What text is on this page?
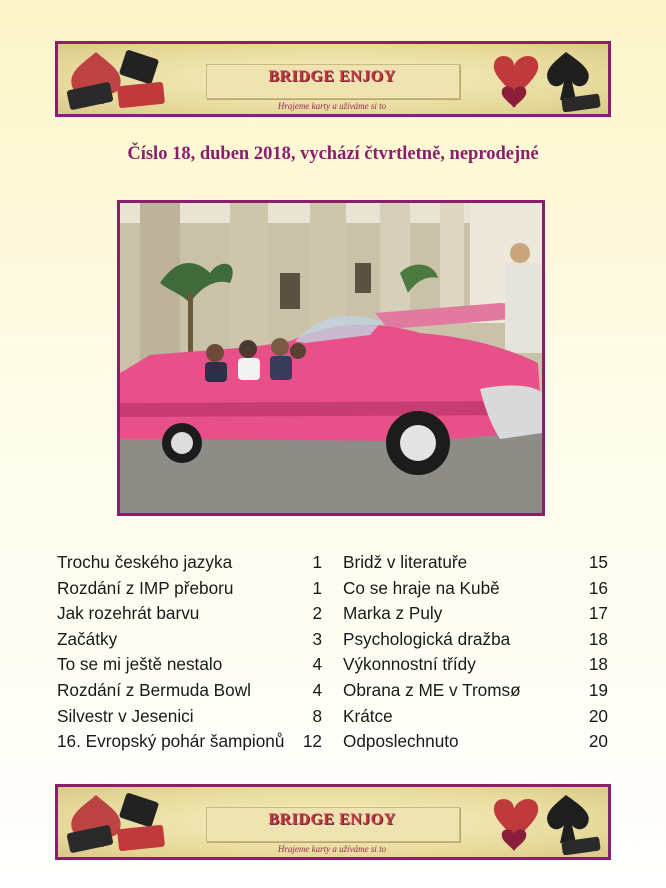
BRIDGE ENJOY
Hrajeme karty a užíváme si to
Číslo 18, duben 2018, vychází čtvrtletně, neprodejné
Trochu českého jazyka	1
Rozdání z IMP přeboru	1
Jak rozehrát barvu	2
Začátky	3
To se mi ještě nestalo	4
Rozdání z Bermuda Bowl	4
Silvestr v Jesenici	8
16. Evropský pohár šampionů 12
Bridž v literatuře	15
Co se hraje na Kubě	16
Marka z Puly	17
Psychologická dražba	18
Výkonnostní třídy	18
Obrana z ME v Tromsø	19
Krátce	20
Odposlechnuto	20
BRIDGE ENJOY
Hrajeme karty a užíváme si to
